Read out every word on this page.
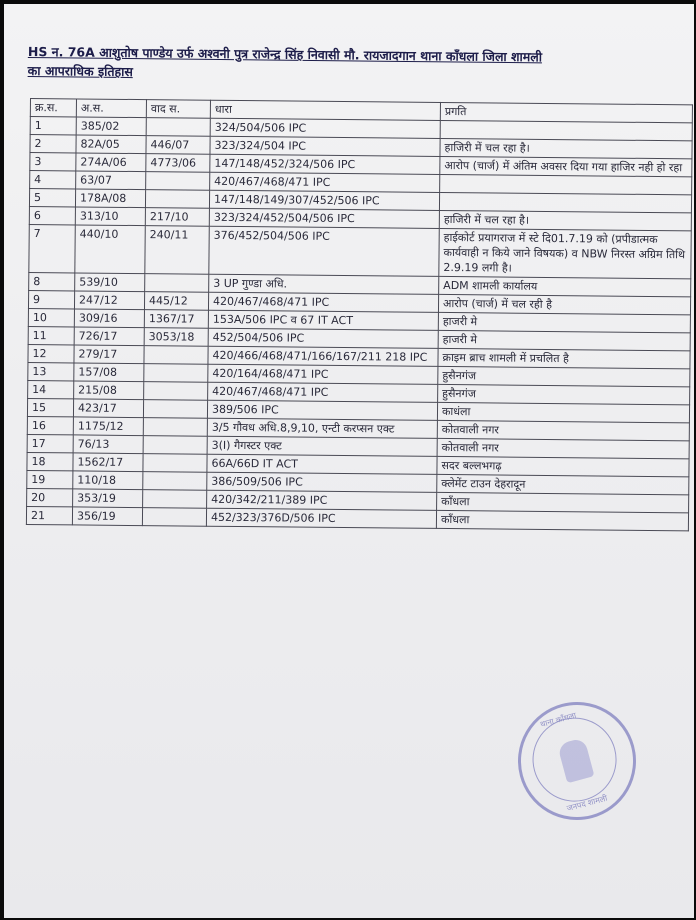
HS न. 76A आशुतोष पाण्डेय उर्फ अश्वनी पुत्र राजेन्द्र सिंह निवासी मौ. रायजादगान थाना काँधला जिला शामली
का आपराधिक इतिहास
क्र.स.	अ.स.	वाद स.	धारा	प्रगति
1	385/02		324/504/506 IPC	
2	82A/05	446/07	323/324/504 IPC	हाजिरी में चल रहा है।
3	274A/06	4773/06	147/148/452/324/506 IPC	आरोप (चार्ज) में अंतिम अवसर दिया गया हाजिर नही हो रहा
4	63/07		420/467/468/471 IPC	
5	178A/08		147/148/149/307/452/506 IPC	
6	313/10	217/10	323/324/452/504/506 IPC	हाजिरी में चल रहा है।
7	440/10	240/11	376/452/504/506 IPC	हाईकोर्ट प्रयागराज में स्टे दि01.7.19 को (प्रपीडात्मक कार्यवाही न किये जाने विषयक) व NBW निरस्त अग्रिम तिथि 2.9.19 लगी है।
8	539/10		3 UP गुण्डा अधि.	ADM शामली कार्यालय
9	247/12	445/12	420/467/468/471 IPC	आरोप (चार्ज) में चल रही है
10	309/16	1367/17	153A/506 IPC व 67 IT ACT	हाजरी मे
11	726/17	3053/18	452/504/506 IPC	हाजरी मे
12	279/17		420/466/468/471/166/167/211 218 IPC	क्राइम ब्राच शामली में प्रचलित है
13	157/08		420/164/468/471 IPC	हुसैनगंज
14	215/08		420/467/468/471 IPC	हुसैनगंज
15	423/17		389/506 IPC	काधंला
16	1175/12		3/5 गौवध अधि.8,9,10, एन्टी करप्सन एक्ट	कोतवाली नगर
17	76/13		3(I) गैगस्टर एक्ट	कोतवाली नगर
18	1562/17		66A/66D IT ACT	सदर बल्लभगढ़
19	110/18		386/509/506 IPC	क्लेमेंट टाउन देहरादून
20	353/19		420/342/211/389 IPC	काँधला
21	356/19		452/323/376D/506 IPC	काँधला
थाना काँधला
जनपद शामली
